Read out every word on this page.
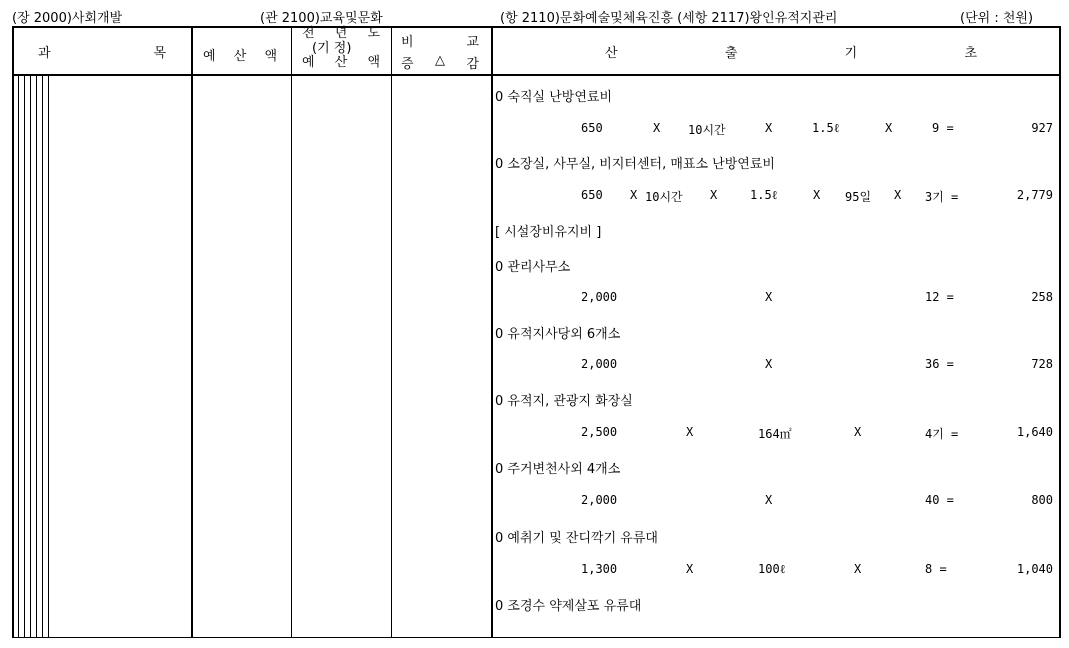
(장 2000)사회개발	(관 2100)교육및문화	(항 2110)문화예술및체육진흥 (세항 2117)왕인유적지관리	(단위 : 천원)
과	목	예 산 액
전 년 도
(기 정)
예 산 액
비	교
증 △ 감
산	출	기	초
0 숙직실 난방연료비
650	X 10시간	X	1.5ℓ	X	9 =	927
0 소장실, 사무실, 비지터센터, 매표소 난방연료비
650 X 10시간 X	1.5ℓ	X 95일 X 3기 =	2,779
[ 시설장비유지비 ]
0 관리사무소
2,000	X	12 =	258
0 유적지사당외 6개소
2,000	X	36 =	728
0 유적지, 관광지 화장실
2,500	X	164㎡	X	4기 =	1,640
0 주거변천사외 4개소
2,000	X	40 =	800
0 예취기 및 잔디깍기 유류대
1,300	X	100ℓ	X	8 =	1,040
0 조경수 약제살포 유류대
